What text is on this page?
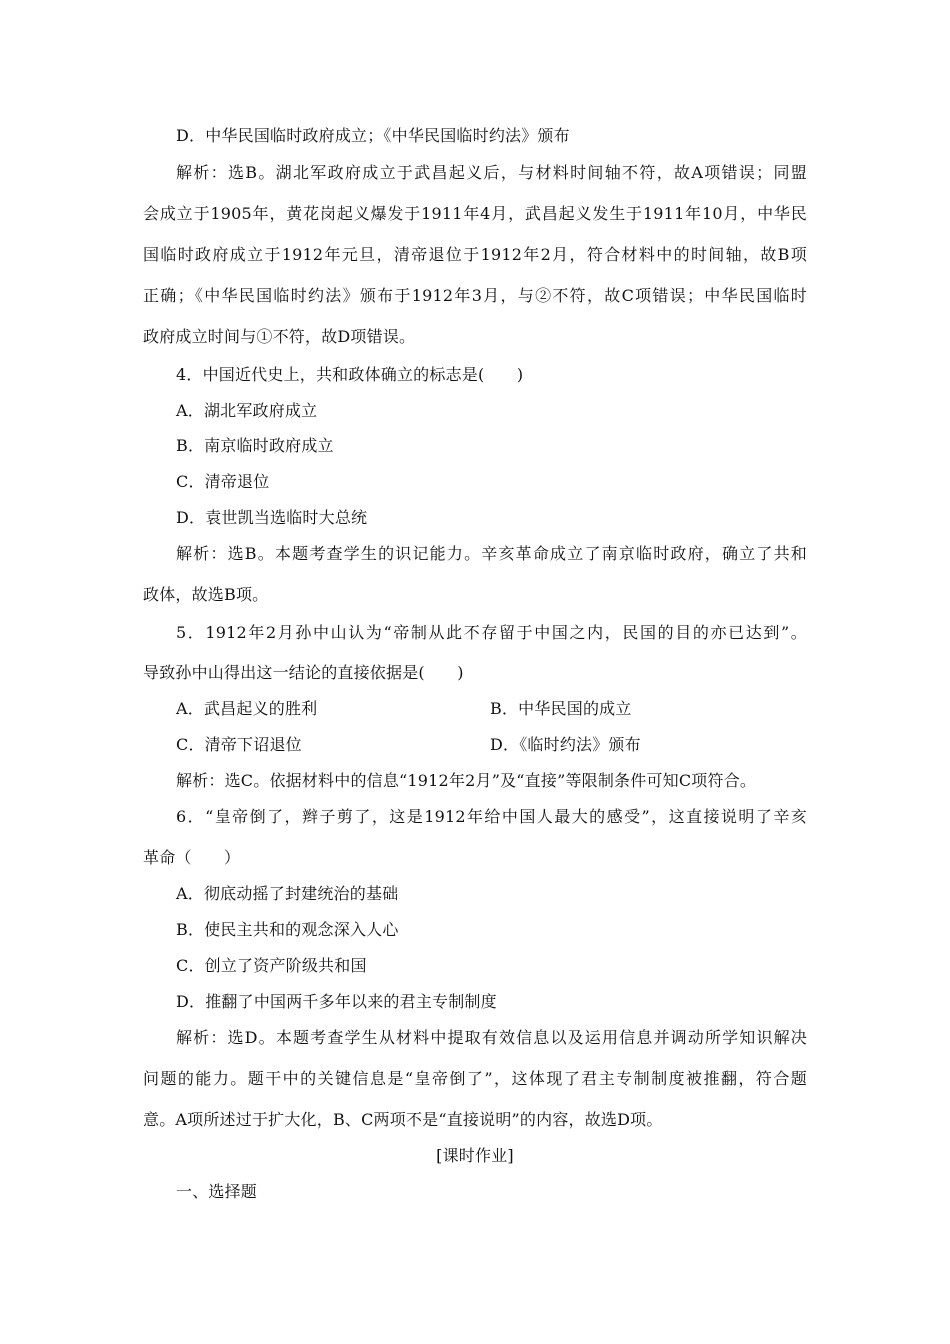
D．中华民国临时政府成立；《中华民国临时约法》颁布
解析：选B。湖北军政府成立于武昌起义后，与材料时间轴不符，故A项错误；同盟
会成立于1905年，黄花岗起义爆发于1911年4月，武昌起义发生于1911年10月，中华民
国临时政府成立于1912年元旦，清帝退位于1912年2月，符合材料中的时间轴，故B项
正确；《中华民国临时约法》颁布于1912年3月，与②不符，故C项错误；中华民国临时
政府成立时间与①不符，故D项错误。
4．中国近代史上，共和政体确立的标志是(　　)
A．湖北军政府成立
B．南京临时政府成立
C．清帝退位
D．袁世凯当选临时大总统
解析：选B。本题考查学生的识记能力。辛亥革命成立了南京临时政府，确立了共和
政体，故选B项。
5．1912年2月孙中山认为“帝制从此不存留于中国之内，民国的目的亦已达到”。
导致孙中山得出这一结论的直接依据是(　　)
A．武昌起义的胜利	B．中华民国的成立
C．清帝下诏退位	D．《临时约法》颁布
解析：选C。依据材料中的信息“1912年2月”及“直接”等限制条件可知C项符合。
6．“皇帝倒了，辫子剪了，这是1912年给中国人最大的感受”，这直接说明了辛亥
革命（　　）
A．彻底动摇了封建统治的基础
B．使民主共和的观念深入人心
C．创立了资产阶级共和国
D．推翻了中国两千多年以来的君主专制制度
解析：选D。本题考查学生从材料中提取有效信息以及运用信息并调动所学知识解决
问题的能力。题干中的关键信息是“皇帝倒了”，这体现了君主专制制度被推翻，符合题
意。A项所述过于扩大化，B、C两项不是“直接说明”的内容，故选D项。
[课时作业]
一、选择题
